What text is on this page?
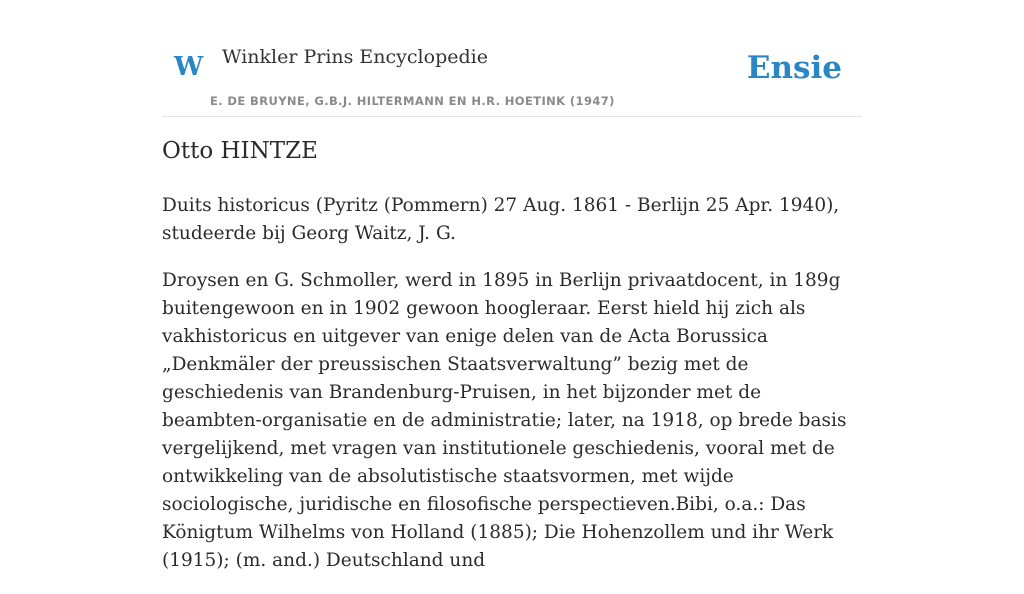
W Winkler Prins Encyclopedie
E. DE BRUYNE, G.B.J. HILTERMANN EN H.R. HOETINK (1947)
Ensie
Otto HINTZE

Duits historicus (Pyritz (Pommern) 27 Aug. 1861 - Berlijn 25 Apr. 1940), studeerde bij Georg Waitz, J. G.

Droysen en G. Schmoller, werd in 1895 in Berlijn privaatdocent, in 189g buitengewoon en in 1902 gewoon hoogleraar. Eerst hield hij zich als vakhistoricus en uitgever van enige delen van de Acta Borussica „Denkmäler der preussischen Staatsverwaltung” bezig met de geschiedenis van Brandenburg-Pruisen, in het bijzonder met de beambten-organisatie en de administratie; later, na 1918, op brede basis vergelijkend, met vragen van institutionele geschiedenis, vooral met de ontwikkeling van de absolutistische staatsvormen, met wijde sociologische, juridische en filosofische perspectieven.Bibi, o.a.: Das Königtum Wilhelms von Holland (1885); Die Hohenzollem und ihr Werk (1915); (m. and.) Deutschland und
